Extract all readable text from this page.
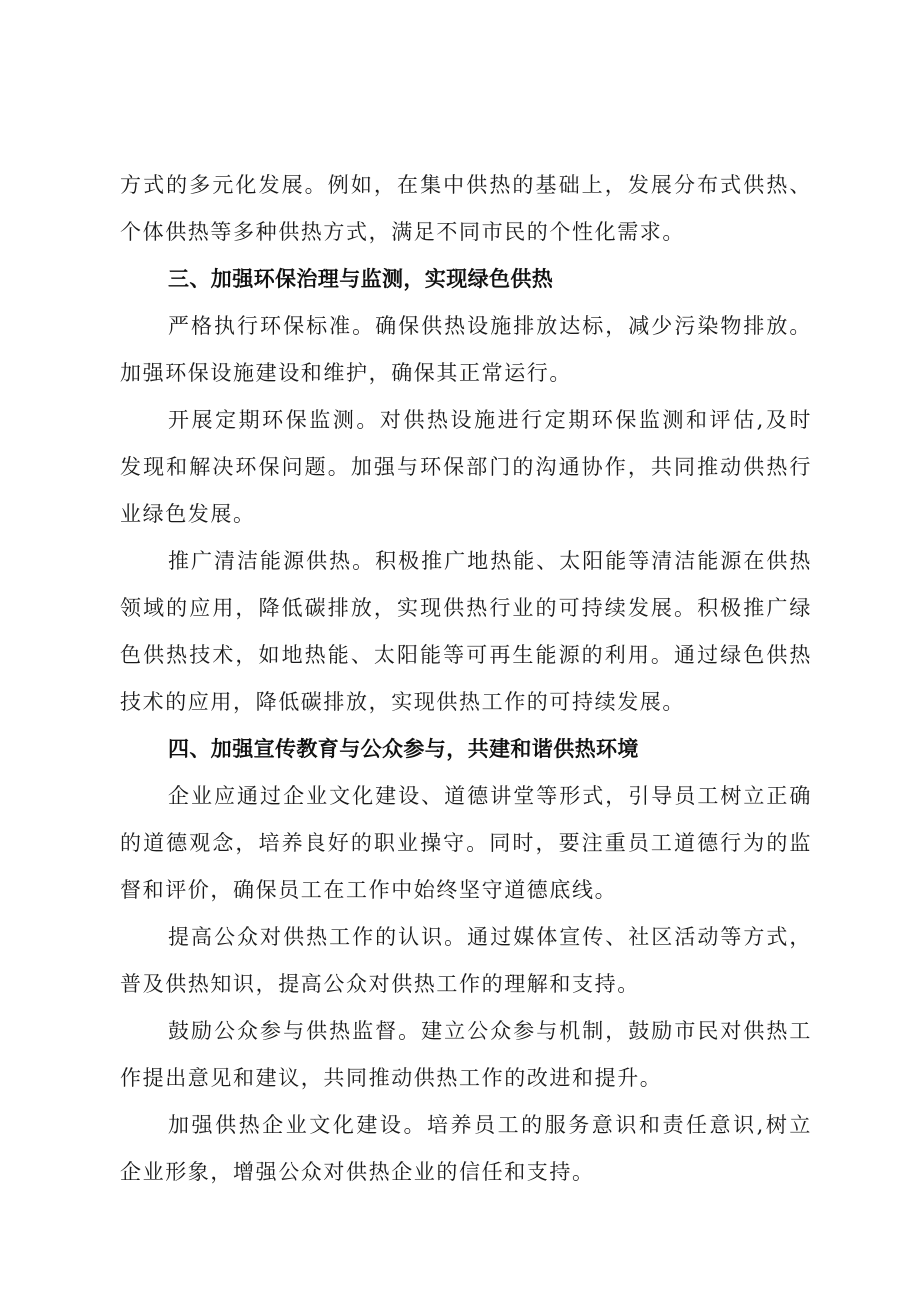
方式的多元化发展。例如，在集中供热的基础上，发展分布式供热、
个体供热等多种供热方式，满足不同市民的个性化需求。

三、加强环保治理与监测，实现绿色供热

严格执行环保标准。确保供热设施排放达标，减少污染物排放。
加强环保设施建设和维护，确保其正常运行。

开展定期环保监测。对供热设施进行定期环保监测和评估,及时
发现和解决环保问题。加强与环保部门的沟通协作，共同推动供热行
业绿色发展。

推广清洁能源供热。积极推广地热能、太阳能等清洁能源在供热
领域的应用，降低碳排放，实现供热行业的可持续发展。积极推广绿
色供热技术，如地热能、太阳能等可再生能源的利用。通过绿色供热
技术的应用，降低碳排放，实现供热工作的可持续发展。

四、加强宣传教育与公众参与，共建和谐供热环境

企业应通过企业文化建设、道德讲堂等形式，引导员工树立正确
的道德观念，培养良好的职业操守。同时，要注重员工道德行为的监
督和评价，确保员工在工作中始终坚守道德底线。

提高公众对供热工作的认识。通过媒体宣传、社区活动等方式，
普及供热知识，提高公众对供热工作的理解和支持。

鼓励公众参与供热监督。建立公众参与机制，鼓励市民对供热工
作提出意见和建议，共同推动供热工作的改进和提升。

加强供热企业文化建设。培养员工的服务意识和责任意识,树立
企业形象，增强公众对供热企业的信任和支持。
